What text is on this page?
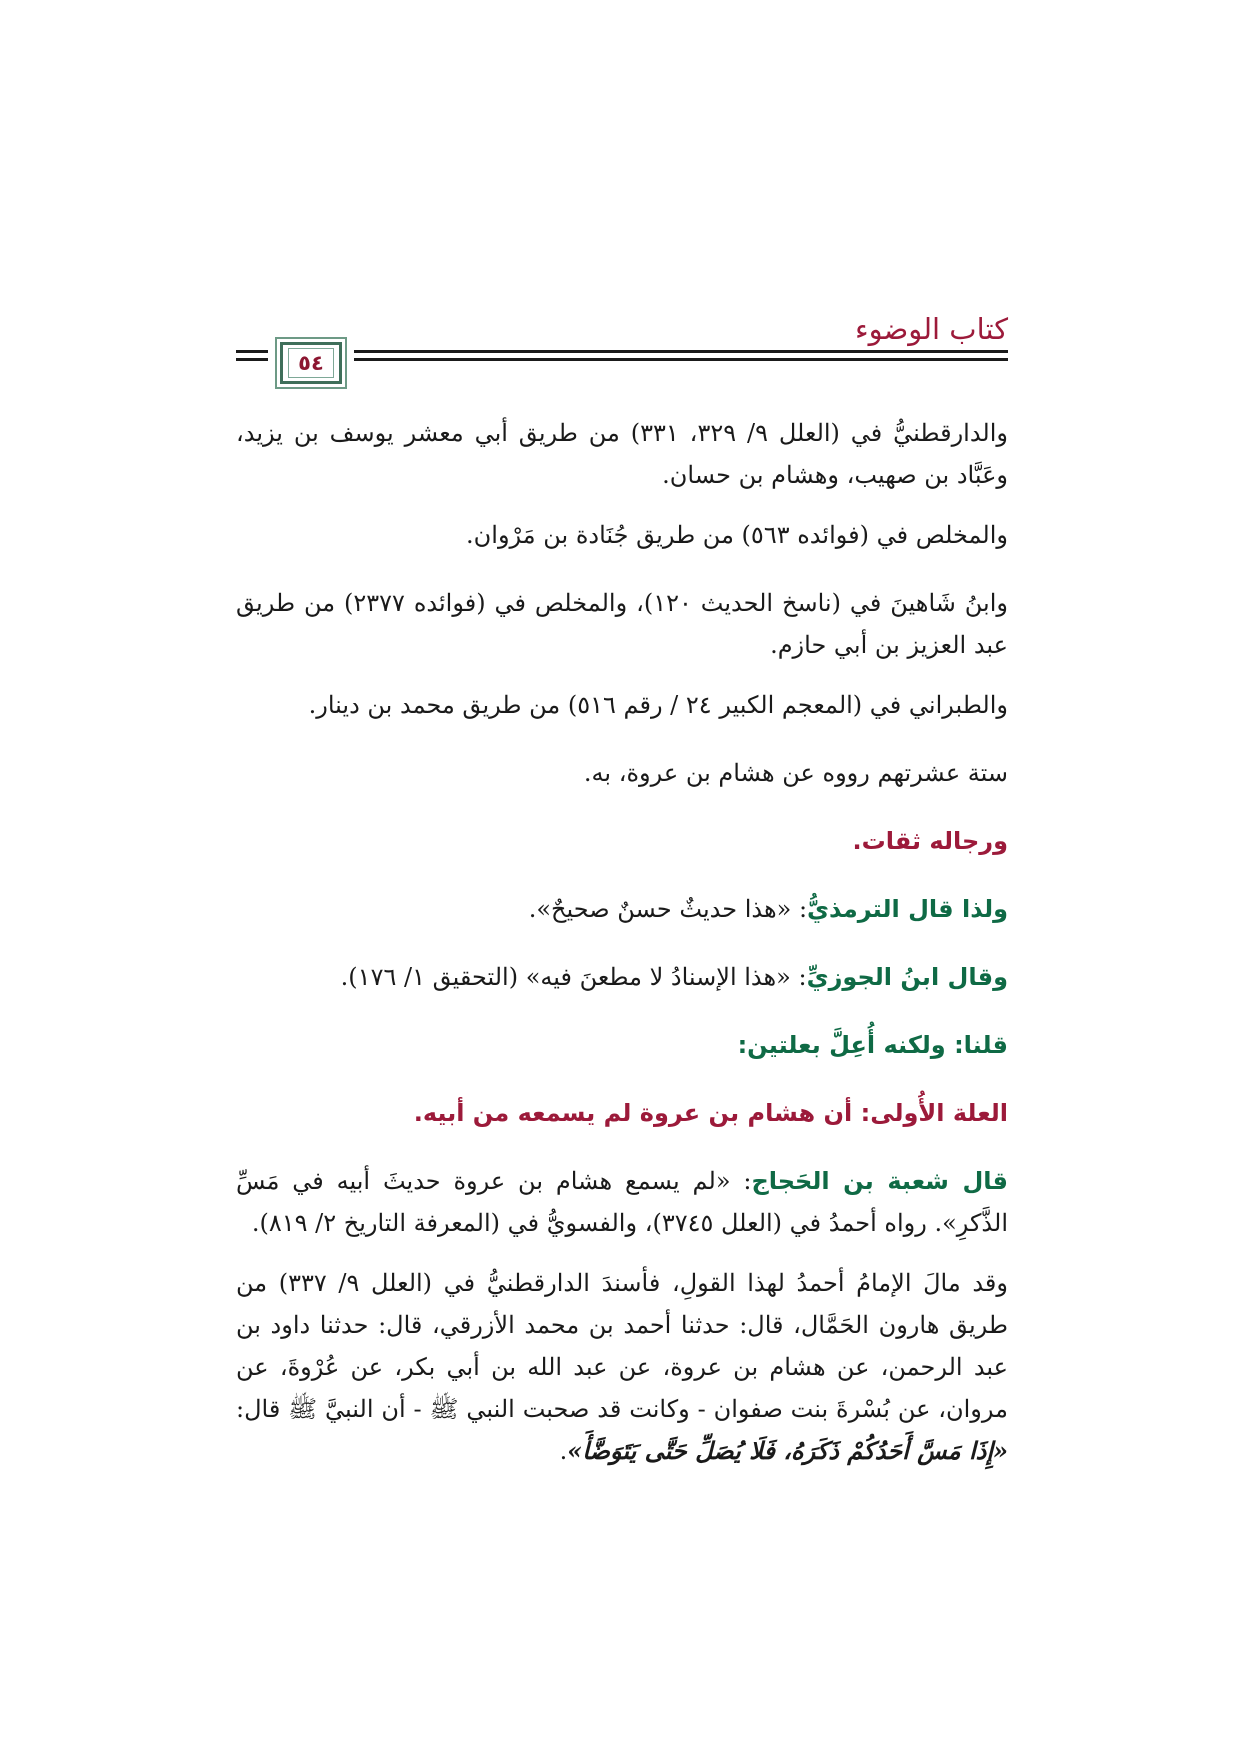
كتاب الوضوء
٥٤

والدارقطنيُّ في (العلل ٩/ ٣٢٩، ٣٣١) من طريق أبي معشر يوسف بن يزيد، وعَبَّاد بن صهيب، وهشام بن حسان.

والمخلص في (فوائده ٥٦٣) من طريق جُنَادة بن مَرْوان.

وابنُ شَاهينَ في (ناسخ الحديث ١٢٠)، والمخلص في (فوائده ٢٣٧٧) من طريق عبد العزيز بن أبي حازم.

والطبراني في (المعجم الكبير ٢٤ / رقم ٥١٦) من طريق محمد بن دينار.

ستة عشرتهم رووه عن هشام بن عروة، به.

ورجاله ثقات.

ولذا قال الترمذيُّ: «هذا حديثٌ حسنٌ صحيحٌ».

وقال ابنُ الجوزيِّ: «هذا الإسنادُ لا مطعنَ فيه» (التحقيق ١/ ١٧٦).

قلنا: ولكنه أُعِلَّ بعلتين:

العلة الأُولى: أن هشام بن عروة لم يسمعه من أبيه.

قال شعبة بن الحَجاج: «لم يسمع هشام بن عروة حديثَ أبيه في مَسِّ الذَّكرِ». رواه أحمدُ في (العلل ٣٧٤٥)، والفسويُّ في (المعرفة التاريخ ٢/ ٨١٩).

وقد مالَ الإمامُ أحمدُ لهذا القولِ، فأسندَ الدارقطنيُّ في (العلل ٩/ ٣٣٧) من طريق هارون الحَمَّال، قال: حدثنا أحمد بن محمد الأزرقي، قال: حدثنا داود بن عبد الرحمن، عن هشام بن عروة، عن عبد الله بن أبي بكر، عن عُرْوةَ، عن مروان، عن بُسْرةَ بنت صفوان - وكانت قد صحبت النبي ﷺ - أن النبيَّ ﷺ قال: «إِذَا مَسَّ أَحَدُكُمْ ذَكَرَهُ، فَلَا يُصَلِّ حَتَّى يَتَوَضَّأَ».
